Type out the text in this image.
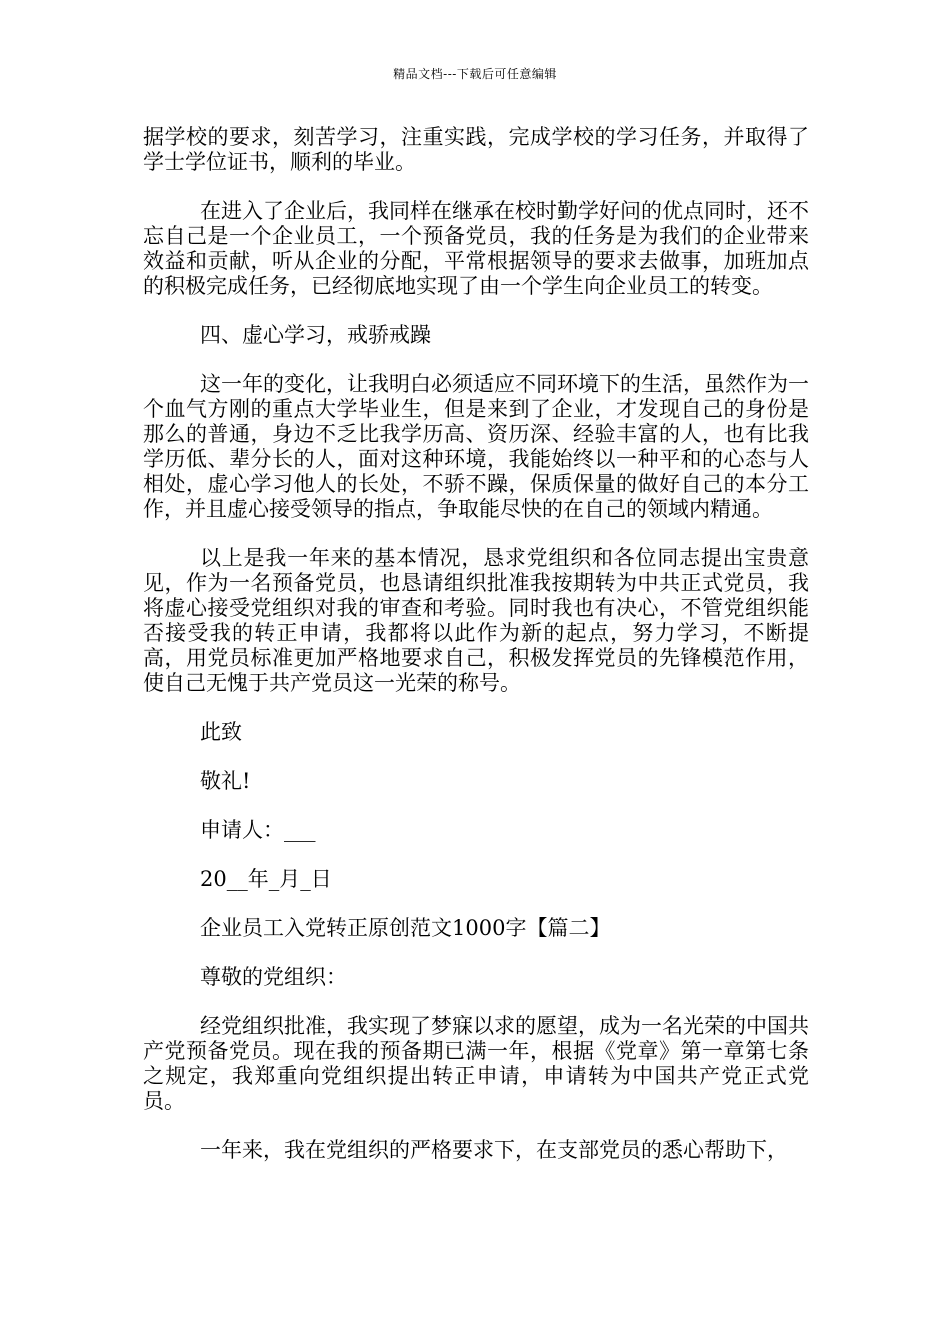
精品文档---下载后可任意编辑

据学校的要求，刻苦学习，注重实践，完成学校的学习任务，并取得了学士学位证书，顺利的毕业。

在进入了企业后，我同样在继承在校时勤学好问的优点同时，还不忘自己是一个企业员工，一个预备党员，我的任务是为我们的企业带来效益和贡献，听从企业的分配，平常根据领导的要求去做事，加班加点的积极完成任务，已经彻底地实现了由一个学生向企业员工的转变。

四、虚心学习，戒骄戒躁

这一年的变化，让我明白必须适应不同环境下的生活，虽然作为一个血气方刚的重点大学毕业生，但是来到了企业，才发现自己的身份是那么的普通，身边不乏比我学历高、资历深、经验丰富的人，也有比我学历低、辈分长的人，面对这种环境，我能始终以一种平和的心态与人相处，虚心学习他人的长处，不骄不躁，保质保量的做好自己的本分工作，并且虚心接受领导的指点，争取能尽快的在自己的领域内精通。

以上是我一年来的基本情况，恳求党组织和各位同志提出宝贵意见，作为一名预备党员，也恳请组织批准我按期转为中共正式党员，我将虚心接受党组织对我的审查和考验。同时我也有决心，不管党组织能否接受我的转正申请，我都将以此作为新的起点，努力学习，不断提高，用党员标准更加严格地要求自己，积极发挥党员的先锋模范作用，使自己无愧于共产党员这一光荣的称号。

此致

敬礼!

申请人：___

20__年_月_日

企业员工入党转正原创范文1000字【篇二】

尊敬的党组织：

经党组织批准，我实现了梦寐以求的愿望，成为一名光荣的中国共产党预备党员。现在我的预备期已满一年，根据《党章》第一章第七条之规定，我郑重向党组织提出转正申请，申请转为中国共产党正式党员。

一年来，我在党组织的严格要求下，在支部党员的悉心帮助下，
